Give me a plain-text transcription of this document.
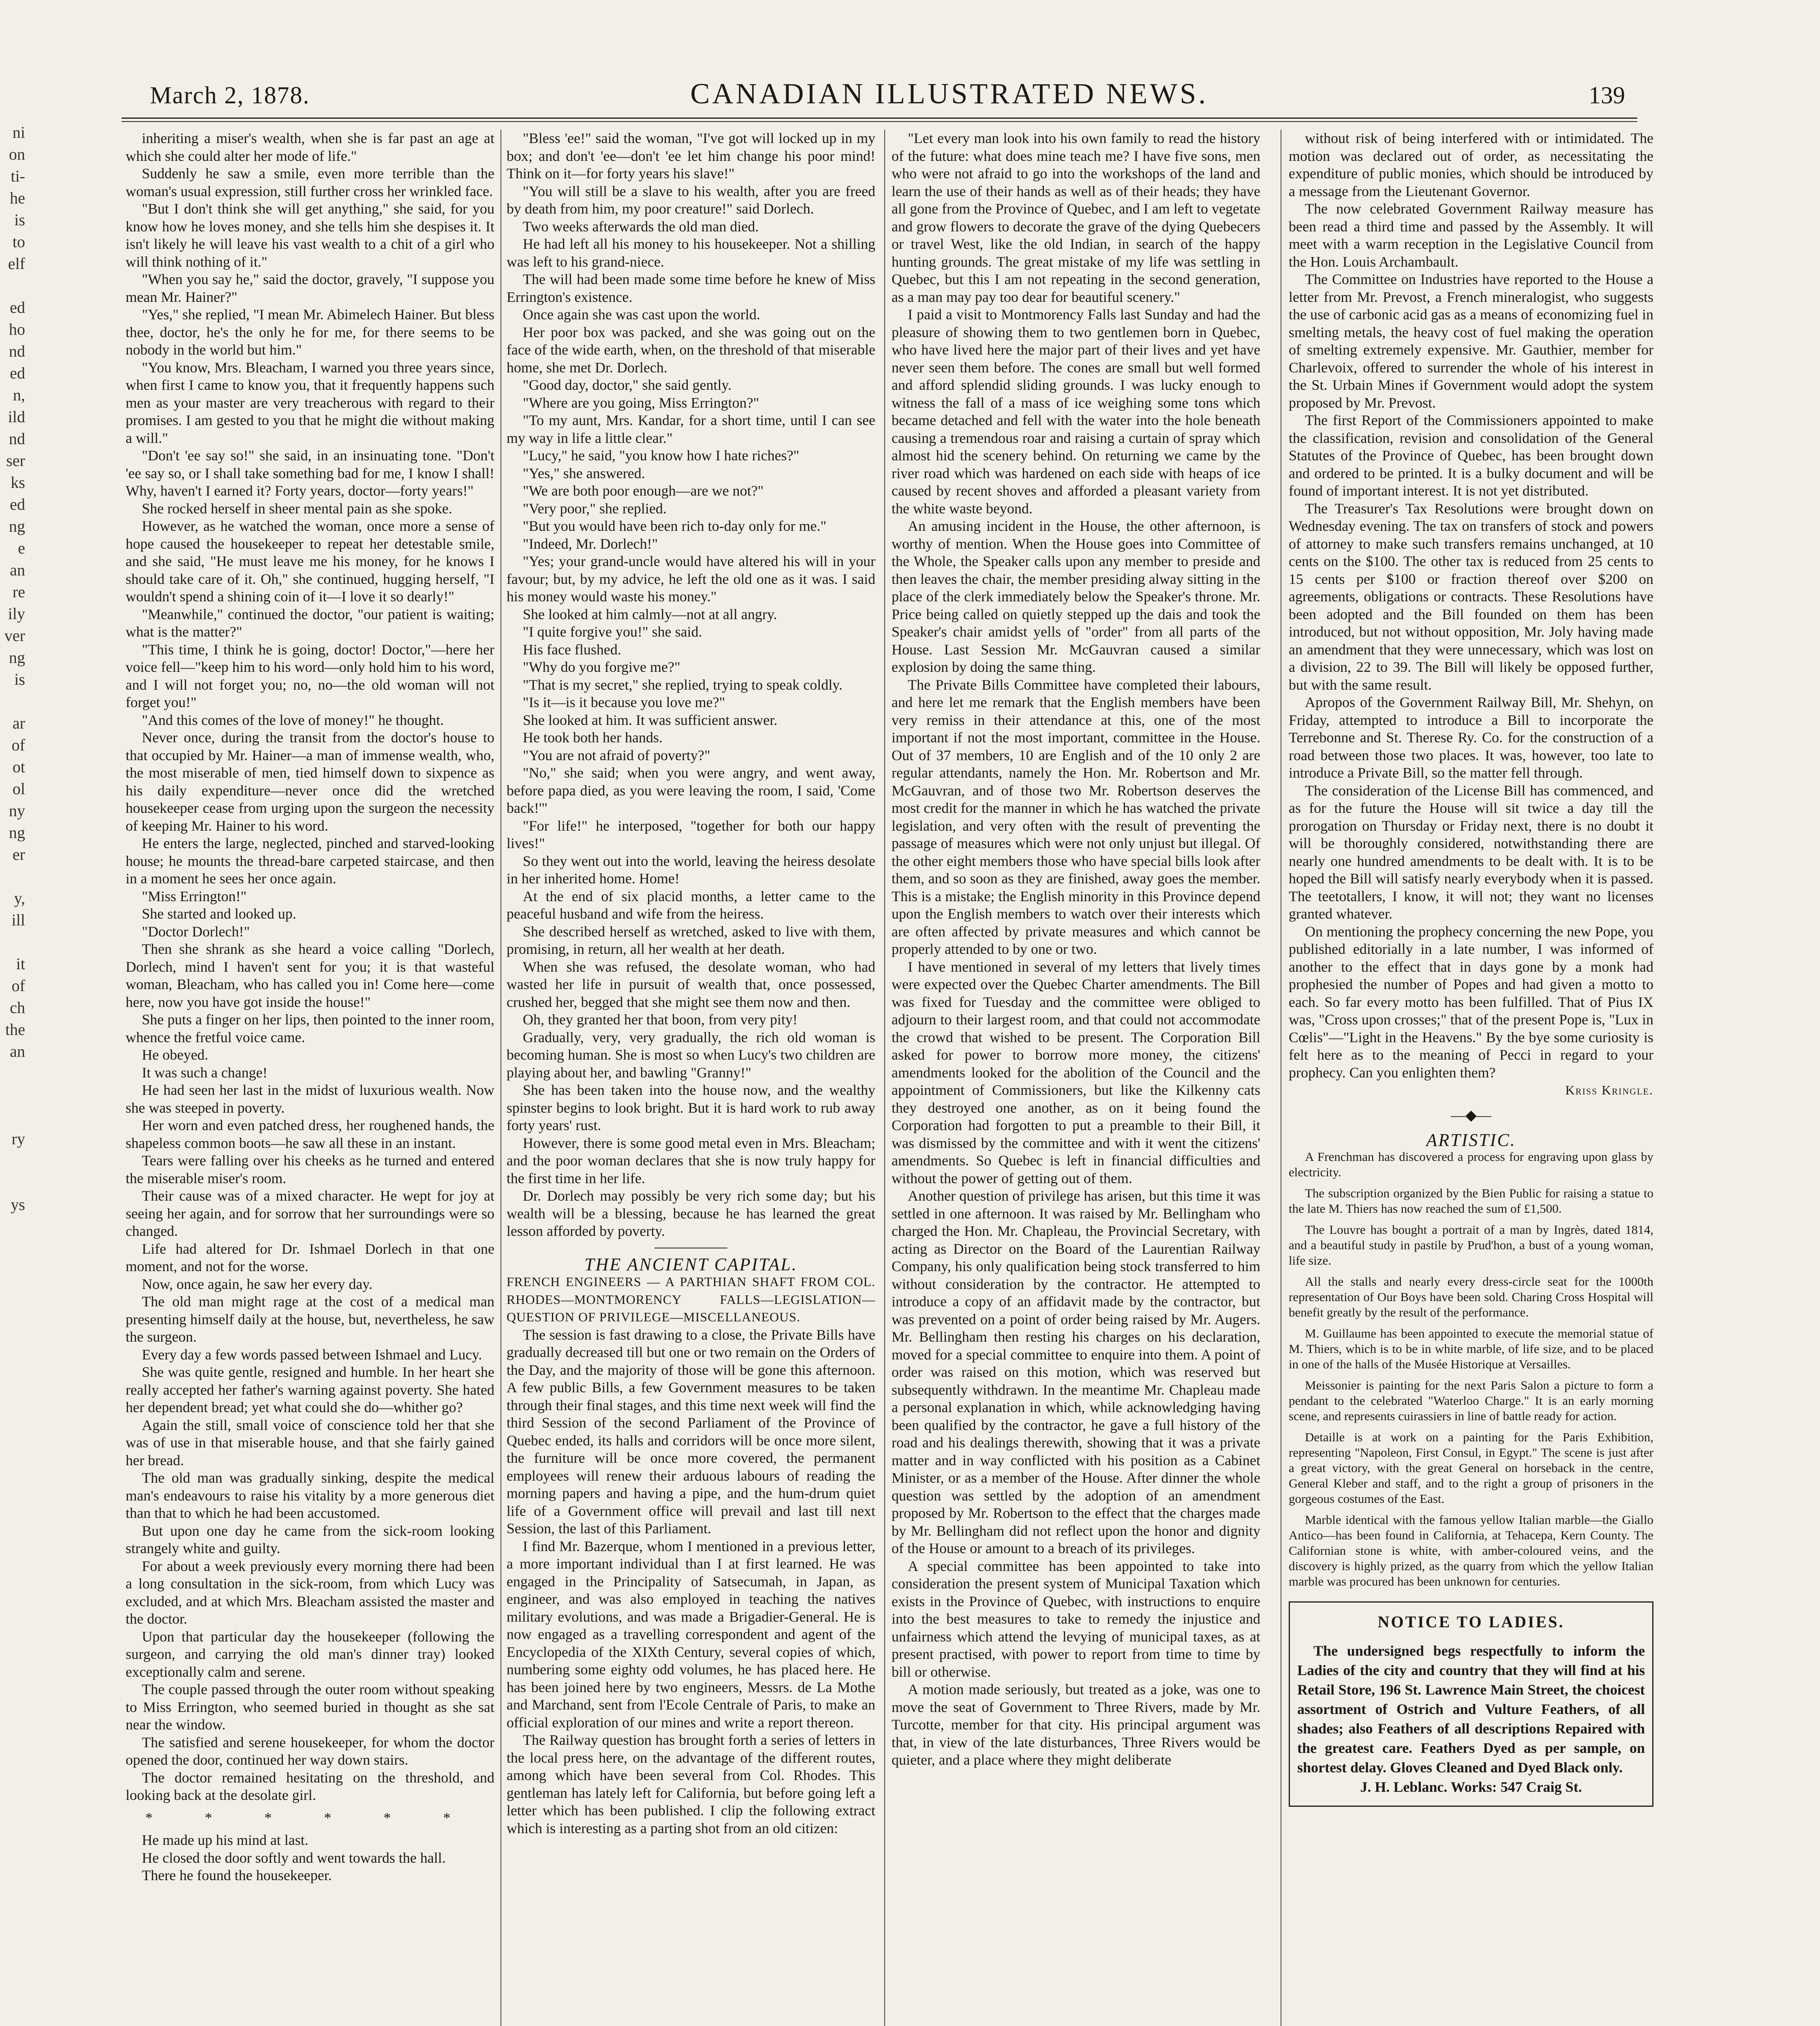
ni
on
ti-
he
is
to
elf

ed
ho
nd
ed
n,
ild
nd
ser
ks
ed
ng
e
an
re
ily
ver
ng
is

ar
of
ot
ol
ny
ng
er

y,
ill

it
of
ch
the
an

ry

ys
March 2, 1878.	CANADIAN ILLUSTRATED NEWS.	139

inheriting a miser's wealth, when she is far past an age at which she could alter her mode of life."

Suddenly he saw a smile, even more terrible than the woman's usual expression, still further cross her wrinkled face.

"But I don't think she will get anything," she said, for you know how he loves money, and she tells him she despises it. It isn't likely he will leave his vast wealth to a chit of a girl who will think nothing of it."

"When you say he," said the doctor, gravely, "I suppose you mean Mr. Hainer?"

"Yes," she replied, "I mean Mr. Abimelech Hainer. But bless thee, doctor, he's the only he for me, for there seems to be nobody in the world but him."

"You know, Mrs. Bleacham, I warned you three years since, when first I came to know you, that it frequently happens such men as your master are very treacherous with regard to their promises. I am gested to you that he might die without making a will."

"Don't 'ee say so!" she said, in an insinuating tone. "Don't 'ee say so, or I shall take something bad for me, I know I shall! Why, haven't I earned it? Forty years, doctor—forty years!"

She rocked herself in sheer mental pain as she spoke.

However, as he watched the woman, once more a sense of hope caused the housekeeper to repeat her detestable smile, and she said, "He must leave me his money, for he knows I should take care of it. Oh," she continued, hugging herself, "I wouldn't spend a shining coin of it—I love it so dearly!"

"Meanwhile," continued the doctor, "our patient is waiting; what is the matter?"

"This time, I think he is going, doctor! Doctor,"—here her voice fell—"keep him to his word—only hold him to his word, and I will not forget you; no, no—the old woman will not forget you!"

"And this comes of the love of money!" he thought.

Never once, during the transit from the doctor's house to that occupied by Mr. Hainer—a man of immense wealth, who, the most miserable of men, tied himself down to sixpence as his daily expenditure—never once did the wretched housekeeper cease from urging upon the surgeon the necessity of keeping Mr. Hainer to his word.

He enters the large, neglected, pinched and starved-looking house; he mounts the thread-bare carpeted staircase, and then in a moment he sees her once again.

"Miss Errington!"

She started and looked up.

"Doctor Dorlech!"

Then she shrank as she heard a voice calling "Dorlech, Dorlech, mind I haven't sent for you; it is that wasteful woman, Bleacham, who has called you in! Come here—come here, now you have got inside the house!"

She puts a finger on her lips, then pointed to the inner room, whence the fretful voice came.

He obeyed.

It was such a change!

He had seen her last in the midst of luxurious wealth. Now she was steeped in poverty.

Her worn and even patched dress, her roughened hands, the shapeless common boots—he saw all these in an instant.

Tears were falling over his cheeks as he turned and entered the miserable miser's room.

Their cause was of a mixed character. He wept for joy at seeing her again, and for sorrow that her surroundings were so changed.

Life had altered for Dr. Ishmael Dorlech in that one moment, and not for the worse.

Now, once again, he saw her every day.

The old man might rage at the cost of a medical man presenting himself daily at the house, but, nevertheless, he saw the surgeon.

Every day a few words passed between Ishmael and Lucy.

She was quite gentle, resigned and humble. In her heart she really accepted her father's warning against poverty. She hated her dependent bread; yet what could she do—whither go?

Again the still, small voice of conscience told her that she was of use in that miserable house, and that she fairly gained her bread.

The old man was gradually sinking, despite the medical man's endeavours to raise his vitality by a more generous diet than that to which he had been accustomed.

But upon one day he came from the sick-room looking strangely white and guilty.

For about a week previously every morning there had been a long consultation in the sick-room, from which Lucy was excluded, and at which Mrs. Bleacham assisted the master and the doctor.

Upon that particular day the housekeeper (following the surgeon, and carrying the old man's dinner tray) looked exceptionally calm and serene.

The couple passed through the outer room without speaking to Miss Errington, who seemed buried in thought as she sat near the window.

The satisfied and serene housekeeper, for whom the doctor opened the door, continued her way down stairs.

The doctor remained hesitating on the threshold, and looking back at the desolate girl.

* * * * * *

He made up his mind at last.

He closed the door softly and went towards the hall.

There he found the housekeeper.

"Bless 'ee!" said the woman, "I've got will locked up in my box; and don't 'ee—don't 'ee let him change his poor mind! Think on it—for forty years his slave!"

"You will still be a slave to his wealth, after you are freed by death from him, my poor creature!" said Dorlech.

Two weeks afterwards the old man died.

He had left all his money to his housekeeper. Not a shilling was left to his grand-niece.

The will had been made some time before he knew of Miss Errington's existence.

Once again she was cast upon the world.

Her poor box was packed, and she was going out on the face of the wide earth, when, on the threshold of that miserable home, she met Dr. Dorlech.

"Good day, doctor," she said gently.

"Where are you going, Miss Errington?"

"To my aunt, Mrs. Kandar, for a short time, until I can see my way in life a little clear."

"Lucy," he said, "you know how I hate riches?"

"Yes," she answered.

"We are both poor enough—are we not?"

"Very poor," she replied.

"But you would have been rich to-day only for me."

"Indeed, Mr. Dorlech!"

"Yes; your grand-uncle would have altered his will in your favour; but, by my advice, he left the old one as it was. I said his money would waste his money."

She looked at him calmly—not at all angry.

"I quite forgive you!" she said.

His face flushed.

"Why do you forgive me?"

"That is my secret," she replied, trying to speak coldly.

"Is it—is it because you love me?"

She looked at him. It was sufficient answer.

He took both her hands.

"You are not afraid of poverty?"

"No," she said; when you were angry, and went away, before papa died, as you were leaving the room, I said, 'Come back!'"

"For life!" he interposed, "together for both our happy lives!"

So they went out into the world, leaving the heiress desolate in her inherited home. Home!

At the end of six placid months, a letter came to the peaceful husband and wife from the heiress.

She described herself as wretched, asked to live with them, promising, in return, all her wealth at her death.

When she was refused, the desolate woman, who had wasted her life in pursuit of wealth that, once possessed, crushed her, begged that she might see them now and then.

Oh, they granted her that boon, from very pity!

Gradually, very, very gradually, the rich old woman is becoming human. She is most so when Lucy's two children are playing about her, and bawling "Granny!"

She has been taken into the house now, and the wealthy spinster begins to look bright. But it is hard work to rub away forty years' rust.

However, there is some good metal even in Mrs. Bleacham; and the poor woman declares that she is now truly happy for the first time in her life.

Dr. Dorlech may possibly be very rich some day; but his wealth will be a blessing, because he has learned the great lesson afforded by poverty.

THE ANCIENT CAPITAL.

FRENCH ENGINEERS — A PARTHIAN SHAFT FROM COL. RHODES—MONTMORENCY FALLS—LEGISLATION—QUESTION OF PRIVILEGE—MISCELLANEOUS.

The session is fast drawing to a close, the Private Bills have gradually decreased till but one or two remain on the Orders of the Day, and the majority of those will be gone this afternoon. A few public Bills, a few Government measures to be taken through their final stages, and this time next week will find the third Session of the second Parliament of the Province of Quebec ended, its halls and corridors will be once more silent, the furniture will be once more covered, the permanent employees will renew their arduous labours of reading the morning papers and having a pipe, and the hum-drum quiet life of a Government office will prevail and last till next Session, the last of this Parliament.

I find Mr. Bazerque, whom I mentioned in a previous letter, a more important individual than I at first learned. He was engaged in the Principality of Satsecumah, in Japan, as engineer, and was also employed in teaching the natives military evolutions, and was made a Brigadier-General. He is now engaged as a travelling correspondent and agent of the Encyclopedia of the XIXth Century, several copies of which, numbering some eighty odd volumes, he has placed here. He has been joined here by two engineers, Messrs. de La Mothe and Marchand, sent from l'Ecole Centrale of Paris, to make an official exploration of our mines and write a report thereon.

The Railway question has brought forth a series of letters in the local press here, on the advantage of the different routes, among which have been several from Col. Rhodes. This gentleman has lately left for California, but before going left a letter which has been published. I clip the following extract which is interesting as a parting shot from an old citizen:

"Let every man look into his own family to read the history of the future: what does mine teach me? I have five sons, men who were not afraid to go into the workshops of the land and learn the use of their hands as well as of their heads; they have all gone from the Province of Quebec, and I am left to vegetate and grow flowers to decorate the grave of the dying Quebecers or travel West, like the old Indian, in search of the happy hunting grounds. The great mistake of my life was settling in Quebec, but this I am not repeating in the second generation, as a man may pay too dear for beautiful scenery."

I paid a visit to Montmorency Falls last Sunday and had the pleasure of showing them to two gentlemen born in Quebec, who have lived here the major part of their lives and yet have never seen them before. The cones are small but well formed and afford splendid sliding grounds. I was lucky enough to witness the fall of a mass of ice weighing some tons which became detached and fell with the water into the hole beneath causing a tremendous roar and raising a curtain of spray which almost hid the scenery behind. On returning we came by the river road which was hardened on each side with heaps of ice caused by recent shoves and afforded a pleasant variety from the white waste beyond.

An amusing incident in the House, the other afternoon, is worthy of mention. When the House goes into Committee of the Whole, the Speaker calls upon any member to preside and then leaves the chair, the member presiding alway sitting in the place of the clerk immediately below the Speaker's throne. Mr. Price being called on quietly stepped up the dais and took the Speaker's chair amidst yells of "order" from all parts of the House. Last Session Mr. McGauvran caused a similar explosion by doing the same thing.

The Private Bills Committee have completed their labours, and here let me remark that the English members have been very remiss in their attendance at this, one of the most important if not the most important, committee in the House. Out of 37 members, 10 are English and of the 10 only 2 are regular attendants, namely the Hon. Mr. Robertson and Mr. McGauvran, and of those two Mr. Robertson deserves the most credit for the manner in which he has watched the private legislation, and very often with the result of preventing the passage of measures which were not only unjust but illegal. Of the other eight members those who have special bills look after them, and so soon as they are finished, away goes the member. This is a mistake; the English minority in this Province depend upon the English members to watch over their interests which are often affected by private measures and which cannot be properly attended to by one or two.

I have mentioned in several of my letters that lively times were expected over the Quebec Charter amendments. The Bill was fixed for Tuesday and the committee were obliged to adjourn to their largest room, and that could not accommodate the crowd that wished to be present. The Corporation Bill asked for power to borrow more money, the citizens' amendments looked for the abolition of the Council and the appointment of Commissioners, but like the Kilkenny cats they destroyed one another, as on it being found the Corporation had forgotten to put a preamble to their Bill, it was dismissed by the committee and with it went the citizens' amendments. So Quebec is left in financial difficulties and without the power of getting out of them.

Another question of privilege has arisen, but this time it was settled in one afternoon. It was raised by Mr. Bellingham who charged the Hon. Mr. Chapleau, the Provincial Secretary, with acting as Director on the Board of the Laurentian Railway Company, his only qualification being stock transferred to him without consideration by the contractor. He attempted to introduce a copy of an affidavit made by the contractor, but was prevented on a point of order being raised by Mr. Augers. Mr. Bellingham then resting his charges on his declaration, moved for a special committee to enquire into them. A point of order was raised on this motion, which was reserved but subsequently withdrawn. In the meantime Mr. Chapleau made a personal explanation in which, while acknowledging having been qualified by the contractor, he gave a full history of the road and his dealings therewith, showing that it was a private matter and in way conflicted with his position as a Cabinet Minister, or as a member of the House. After dinner the whole question was settled by the adoption of an amendment proposed by Mr. Robertson to the effect that the charges made by Mr. Bellingham did not reflect upon the honor and dignity of the House or amount to a breach of its privileges.

A special committee has been appointed to take into consideration the present system of Municipal Taxation which exists in the Province of Quebec, with instructions to enquire into the best measures to take to remedy the injustice and unfairness which attend the levying of municipal taxes, as at present practised, with power to report from time to time by bill or otherwise.

A motion made seriously, but treated as a joke, was one to move the seat of Government to Three Rivers, made by Mr. Turcotte, member for that city. His principal argument was that, in view of the late disturbances, Three Rivers would be quieter, and a place where they might deliberate

without risk of being interfered with or intimidated. The motion was declared out of order, as necessitating the expenditure of public monies, which should be introduced by a message from the Lieutenant Governor.

The now celebrated Government Railway measure has been read a third time and passed by the Assembly. It will meet with a warm reception in the Legislative Council from the Hon. Louis Archambault.

The Committee on Industries have reported to the House a letter from Mr. Prevost, a French mineralogist, who suggests the use of carbonic acid gas as a means of economizing fuel in smelting metals, the heavy cost of fuel making the operation of smelting extremely expensive. Mr. Gauthier, member for Charlevoix, offered to surrender the whole of his interest in the St. Urbain Mines if Government would adopt the system proposed by Mr. Prevost.

The first Report of the Commissioners appointed to make the classification, revision and consolidation of the General Statutes of the Province of Quebec, has been brought down and ordered to be printed. It is a bulky document and will be found of important interest. It is not yet distributed.

The Treasurer's Tax Resolutions were brought down on Wednesday evening. The tax on transfers of stock and powers of attorney to make such transfers remains unchanged, at 10 cents on the $100. The other tax is reduced from 25 cents to 15 cents per $100 or fraction thereof over $200 on agreements, obligations or contracts. These Resolutions have been adopted and the Bill founded on them has been introduced, but not without opposition, Mr. Joly having made an amendment that they were unnecessary, which was lost on a division, 22 to 39. The Bill will likely be opposed further, but with the same result.

Apropos of the Government Railway Bill, Mr. Shehyn, on Friday, attempted to introduce a Bill to incorporate the Terrebonne and St. Therese Ry. Co. for the construction of a road between those two places. It was, however, too late to introduce a Private Bill, so the matter fell through.

The consideration of the License Bill has commenced, and as for the future the House will sit twice a day till the prorogation on Thursday or Friday next, there is no doubt it will be thoroughly considered, notwithstanding there are nearly one hundred amendments to be dealt with. It is to be hoped the Bill will satisfy nearly everybody when it is passed. The teetotallers, I know, it will not; they want no licenses granted whatever.

On mentioning the prophecy concerning the new Pope, you published editorially in a late number, I was informed of another to the effect that in days gone by a monk had prophesied the number of Popes and had given a motto to each. So far every motto has been fulfilled. That of Pius IX was, "Cross upon crosses;" that of the present Pope is, "Lux in Cœlis"—"Light in the Heavens." By the bye some curiosity is felt here as to the meaning of Pecci in regard to your prophecy. Can you enlighten them?

Kriss Kringle.

—◆—

ARTISTIC.

A Frenchman has discovered a process for engraving upon glass by electricity.

The subscription organized by the Bien Public for raising a statue to the late M. Thiers has now reached the sum of £1,500.

The Louvre has bought a portrait of a man by Ingrès, dated 1814, and a beautiful study in pastile by Prud'hon, a bust of a young woman, life size.

All the stalls and nearly every dress-circle seat for the 1000th representation of Our Boys have been sold. Charing Cross Hospital will benefit greatly by the result of the performance.

M. Guillaume has been appointed to execute the memorial statue of M. Thiers, which is to be in white marble, of life size, and to be placed in one of the halls of the Musée Historique at Versailles.

Meissonier is painting for the next Paris Salon a picture to form a pendant to the celebrated "Waterloo Charge." It is an early morning scene, and represents cuirassiers in line of battle ready for action.

Detaille is at work on a painting for the Paris Exhibition, representing "Napoleon, First Consul, in Egypt." The scene is just after a great victory, with the great General on horseback in the centre, General Kleber and staff, and to the right a group of prisoners in the gorgeous costumes of the East.

Marble identical with the famous yellow Italian marble—the Giallo Antico—has been found in California, at Tehacepa, Kern County. The Californian stone is white, with amber-coloured veins, and the discovery is highly prized, as the quarry from which the yellow Italian marble was procured has been unknown for centuries.

NOTICE TO LADIES.

The undersigned begs respectfully to inform the Ladies of the city and country that they will find at his Retail Store, 196 St. Lawrence Main Street, the choicest assortment of Ostrich and Vulture Feathers, of all shades; also Feathers of all descriptions Repaired with the greatest care. Feathers Dyed as per sample, on shortest delay. Gloves Cleaned and Dyed Black only.

J. H. Leblanc. Works: 547 Craig St.
